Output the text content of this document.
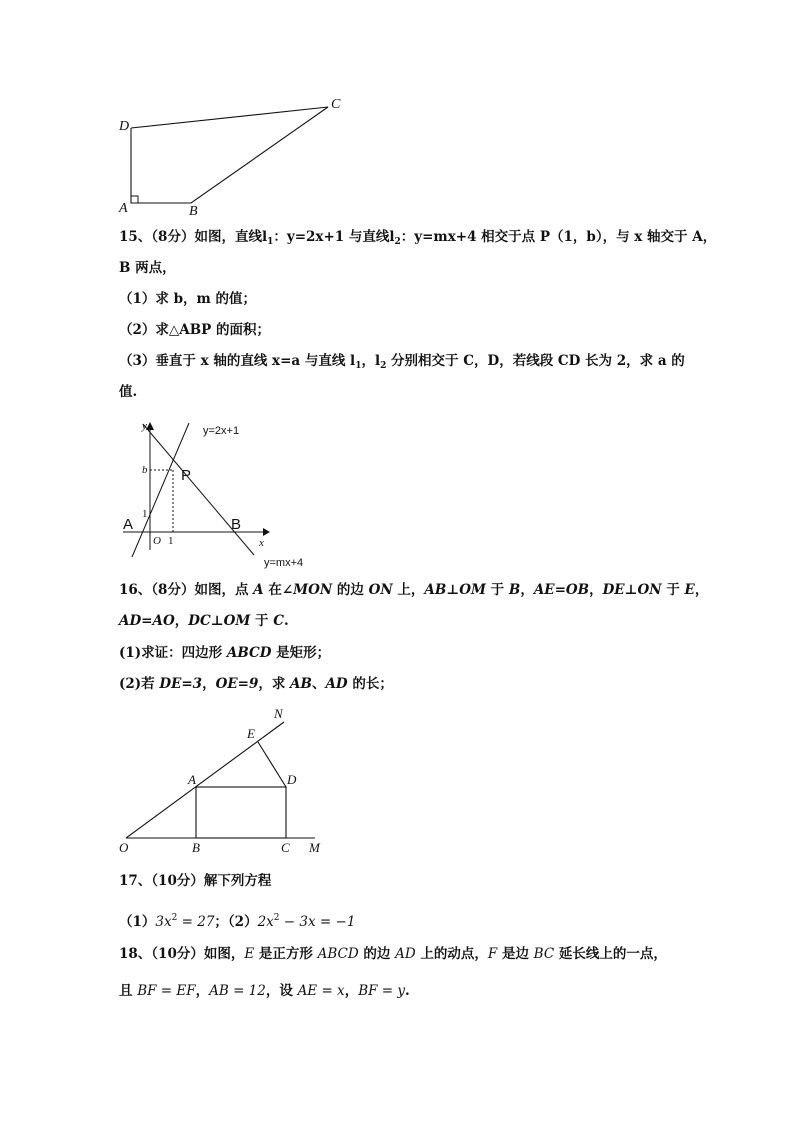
C
D
A	B
15、（8分）如图，直线$l_1$：y=2x+1 与直线$l_2$：y=mx+4 相交于点 P（1，b），与 x 轴交于 A，
B 两点，
（1）求 b，m 的值；
（2）求△ABP 的面积；
（3）垂直于 x 轴的直线 x=a 与直线 $l_1$，$l_2$ 分别相交于 C，D，若线段 CD 长为 2，求 a 的
值.
y=2x+1
y=mx+4
y
x
O 1
1
b P
A	B
16、（8分）如图，点 A 在∠MON 的边 ON 上，AB⊥OM 于 B，AE=OB，DE⊥ON 于 E，
AD=AO，DC⊥OM 于 C.
(1)求证：四边形 ABCD 是矩形；
(2)若 DE=3，OE=9，求 AB、AD 的长；
N
E
A	D
O	B	C M
17、（10分）解下列方程
$(1)3x^2 = 27$；$(2)2x^2 - 3x = -1$
18、（10分）如图，E 是正方形 ABCD 的边 AD 上的动点，F 是边 BC 延长线上的一点，
且 BF = EF，AB = 12，设 AE = x，BF = y.
